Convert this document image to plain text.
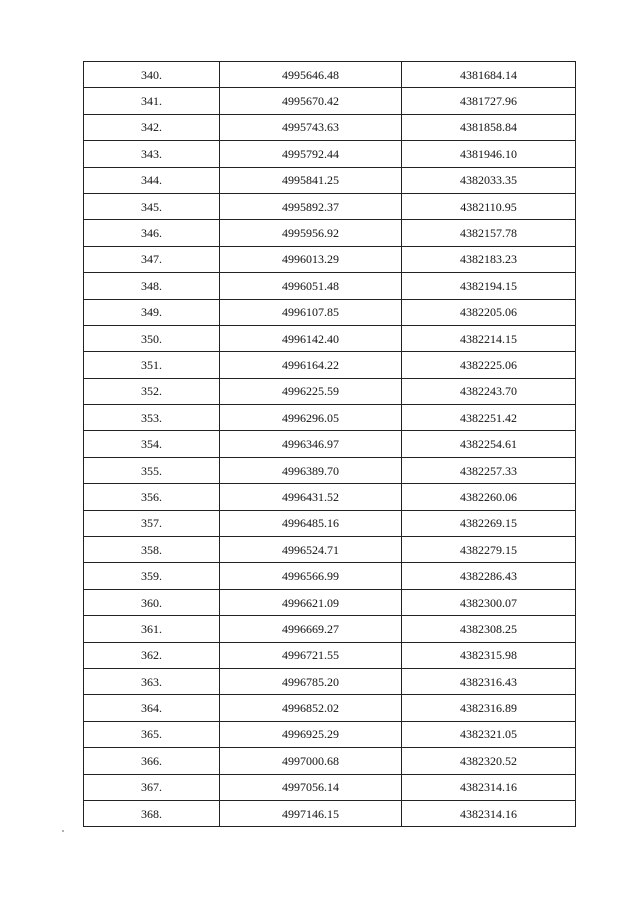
340.	4995646.48	4381684.14
341.	4995670.42	4381727.96
342.	4995743.63	4381858.84
343.	4995792.44	4381946.10
344.	4995841.25	4382033.35
345.	4995892.37	4382110.95
346.	4995956.92	4382157.78
347.	4996013.29	4382183.23
348.	4996051.48	4382194.15
349.	4996107.85	4382205.06
350.	4996142.40	4382214.15
351.	4996164.22	4382225.06
352.	4996225.59	4382243.70
353.	4996296.05	4382251.42
354.	4996346.97	4382254.61
355.	4996389.70	4382257.33
356.	4996431.52	4382260.06
357.	4996485.16	4382269.15
358.	4996524.71	4382279.15
359.	4996566.99	4382286.43
360.	4996621.09	4382300.07
361.	4996669.27	4382308.25
362.	4996721.55	4382315.98
363.	4996785.20	4382316.43
364.	4996852.02	4382316.89
365.	4996925.29	4382321.05
366.	4997000.68	4382320.52
367.	4997056.14	4382314.16
368.	4997146.15	4382314.16
